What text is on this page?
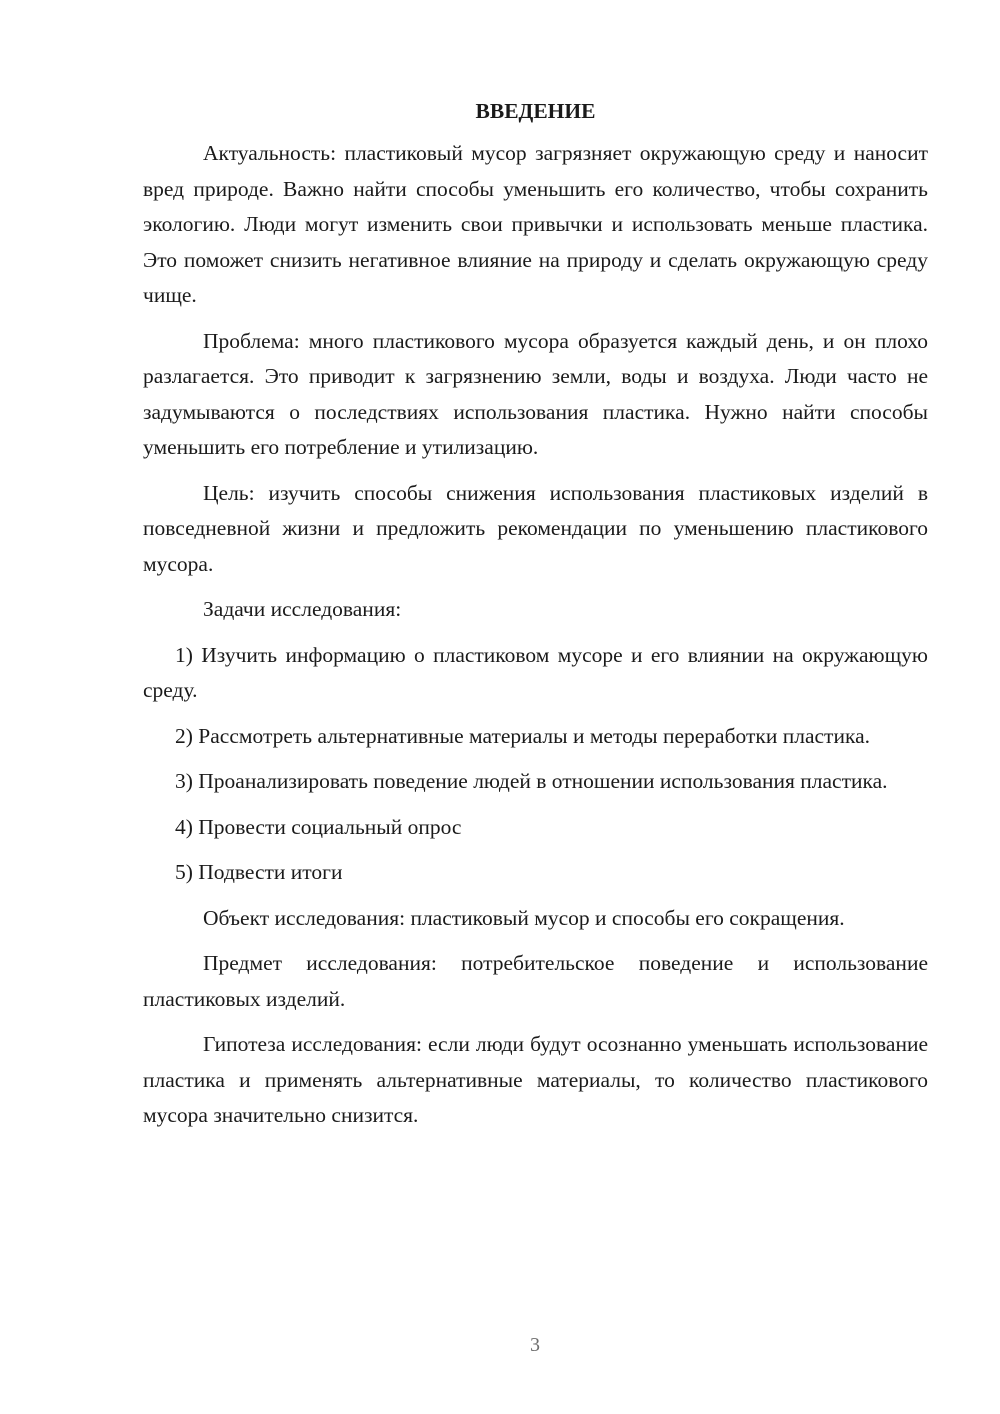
ВВЕДЕНИЕ

Актуальность: пластиковый мусор загрязняет окружающую среду и наносит вред природе. Важно найти способы уменьшить его количество, чтобы сохранить экологию. Люди могут изменить свои привычки и использовать меньше пластика. Это поможет снизить негативное влияние на природу и сделать окружающую среду чище.

Проблема: много пластикового мусора образуется каждый день, и он плохо разлагается. Это приводит к загрязнению земли, воды и воздуха. Люди часто не задумываются о последствиях использования пластика. Нужно найти способы уменьшить его потребление и утилизацию.

Цель: изучить способы снижения использования пластиковых изделий в повседневной жизни и предложить рекомендации по уменьшению пластикового мусора.

Задачи исследования:

1) Изучить информацию о пластиковом мусоре и его влиянии на окружающую среду.

2) Рассмотреть альтернативные материалы и методы переработки пластика.

3) Проанализировать поведение людей в отношении использования пластика.

4) Провести социальный опрос

5) Подвести итоги

Объект исследования: пластиковый мусор и способы его сокращения.

Предмет исследования: потребительское поведение и использование пластиковых изделий.

Гипотеза исследования: если люди будут осознанно уменьшать использование пластика и применять альтернативные материалы, то количество пластикового мусора значительно снизится.

3
